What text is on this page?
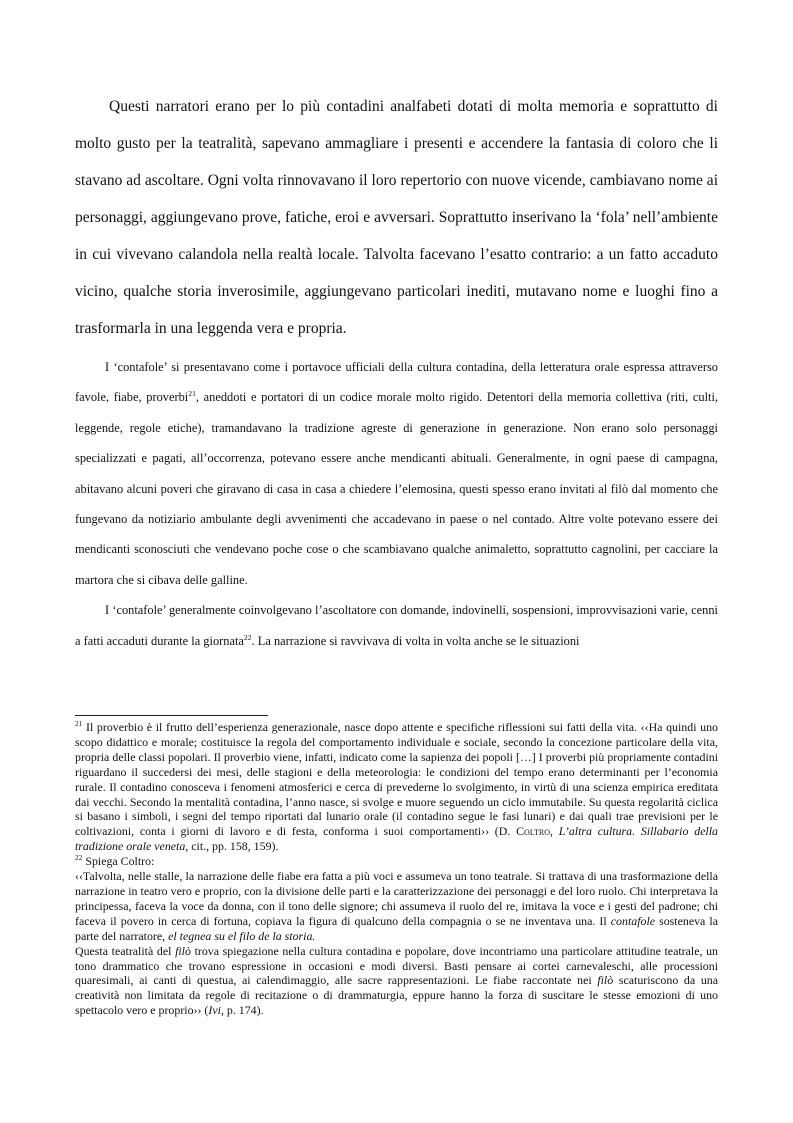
Questi narratori erano per lo più contadini analfabeti dotati di molta memoria e soprattutto di molto gusto per la teatralità, sapevano ammagliare i presenti e accendere la fantasia di coloro che li stavano ad ascoltare. Ogni volta rinnovavano il loro repertorio con nuove vicende, cambiavano nome ai personaggi, aggiungevano prove, fatiche, eroi e avversari. Soprattutto inserivano la ‘fola’ nell’ambiente in cui vivevano calandola nella realtà locale. Talvolta facevano l’esatto contrario: a un fatto accaduto vicino, qualche storia inverosimile, aggiungevano particolari inediti, mutavano nome e luoghi fino a trasformarla in una leggenda vera e propria.

I ‘contafole’ si presentavano come i portavoce ufficiali della cultura contadina, della letteratura orale espressa attraverso favole, fiabe, proverbi$^{21}$, aneddoti e portatori di un codice morale molto rigido. Detentori della memoria collettiva (riti, culti, leggende, regole etiche), tramandavano la tradizione agreste di generazione in generazione. Non erano solo personaggi specializzati e pagati, all’occorrenza, potevano essere anche mendicanti abituali. Generalmente, in ogni paese di campagna, abitavano alcuni poveri che giravano di casa in casa a chiedere l’elemosina, questi spesso erano invitati al filò dal momento che fungevano da notiziario ambulante degli avvenimenti che accadevano in paese o nel contado. Altre volte potevano essere dei mendicanti sconosciuti che vendevano poche cose o che scambiavano qualche animaletto, soprattutto cagnolini, per cacciare la martora che si cibava delle galline.

I ‘contafole’ generalmente coinvolgevano l’ascoltatore con domande, indovinelli, sospensioni, improvvisazioni varie, cenni a fatti accaduti durante la giornata$^{22}$. La narrazione si ravvivava di volta in volta anche se le situazioni

$^{21}$ Il proverbio è il frutto dell’esperienza generazionale, nasce dopo attente e specifiche riflessioni sui fatti della vita. ‹‹Ha quindi uno scopo didattico e morale; costituisce la regola del comportamento individuale e sociale, secondo la concezione particolare della vita, propria delle classi popolari. Il proverbio viene, infatti, indicato come la sapienza dei popoli […] I proverbi più propriamente contadini riguardano il succedersi dei mesi, delle stagioni e della meteorologia: le condizioni del tempo erano determinanti per l’economia rurale. Il contadino conosceva i fenomeni atmosferici e cerca di prevederne lo svolgimento, in virtù di una scienza empirica ereditata dai vecchi. Secondo la mentalità contadina, l’anno nasce, si svolge e muore seguendo un ciclo immutabile. Su questa regolarità ciclica si basano i simboli, i segni del tempo riportati dal lunario orale (il contadino segue le fasi lunari) e dai quali trae previsioni per le coltivazioni, conta i giorni di lavoro e di festa, conforma i suoi comportamenti›› (D. Coltro, L’altra cultura. Sillabario della tradizione orale veneta, cit., pp. 158, 159).

$^{22}$ Spiega Coltro:

‹‹Talvolta, nelle stalle, la narrazione delle fiabe era fatta a più voci e assumeva un tono teatrale. Si trattava di una trasformazione della narrazione in teatro vero e proprio, con la divisione delle parti e la caratterizzazione dei personaggi e del loro ruolo. Chi interpretava la principessa, faceva la voce da donna, con il tono delle signore; chi assumeva il ruolo del re, imitava la voce e i gesti del padrone; chi faceva il povero in cerca di fortuna, copiava la figura di qualcuno della compagnia o se ne inventava una. Il contafole sosteneva la parte del narratore, el tegnea su el filo de la storia.

Questa teatralità del filò trova spiegazione nella cultura contadina e popolare, dove incontriamo una particolare attitudine teatrale, un tono drammatico che trovano espressione in occasioni e modi diversi. Basti pensare ai cortei carnevaleschi, alle processioni quaresimali, ai canti di questua, ai calendimaggio, alle sacre rappresentazioni. Le fiabe raccontate nei filò scaturiscono da una creatività non limitata da regole di recitazione o di drammaturgia, eppure hanno la forza di suscitare le stesse emozioni di uno spettacolo vero e proprio›› (Ivi, p. 174).
